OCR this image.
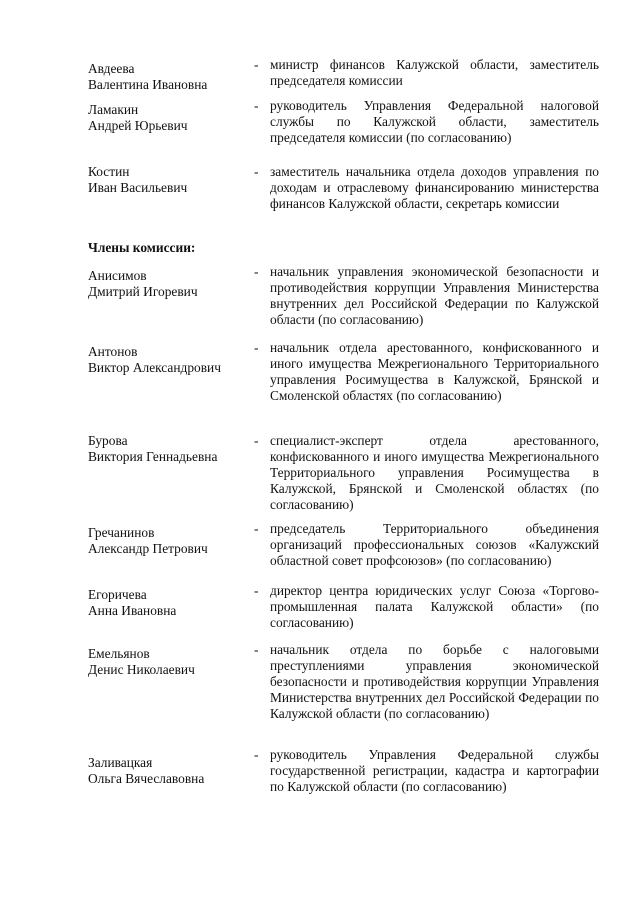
Авдеева
Валентина Ивановна
- министр финансов Калужской области, заместитель председателя комиссии
Ламакин
Андрей Юрьевич
- руководитель Управления Федеральной налоговой службы по Калужской области, заместитель председателя комиссии (по согласованию)
Костин
Иван Васильевич
- заместитель начальника отдела доходов управления по доходам и отраслевому финансированию министерства финансов Калужской области, секретарь комиссии
Члены комиссии:
Анисимов
Дмитрий Игоревич
- начальник управления экономической безопасности и противодействия коррупции Управления Министерства внутренних дел Российской Федерации по Калужской области (по согласованию)
Антонов
Виктор Александрович
- начальник отдела арестованного, конфискованного и иного имущества Межрегионального Территориального управления Росимущества в Калужской, Брянской и Смоленской областях (по согласованию)
Бурова
Виктория Геннадьевна
- специалист-эксперт отдела арестованного, конфискованного и иного имущества Межрегионального Территориального управления Росимущества в Калужской, Брянской и Смоленской областях (по согласованию)
Гречанинов
Александр Петрович
- председатель Территориального объединения организаций профессиональных союзов «Калужский областной совет профсоюзов» (по согласованию)
Егоричева
Анна Ивановна
- директор центра юридических услуг Союза «Торгово-промышленная палата Калужской области» (по согласованию)
Емельянов
Денис Николаевич
- начальник отдела по борьбе с налоговыми преступлениями управления экономической безопасности и противодействия коррупции Управления Министерства внутренних дел Российской Федерации по Калужской области (по согласованию)
Заливацкая
Ольга Вячеславовна
- руководитель Управления Федеральной службы государственной регистрации, кадастра и картографии по Калужской области (по согласованию)
